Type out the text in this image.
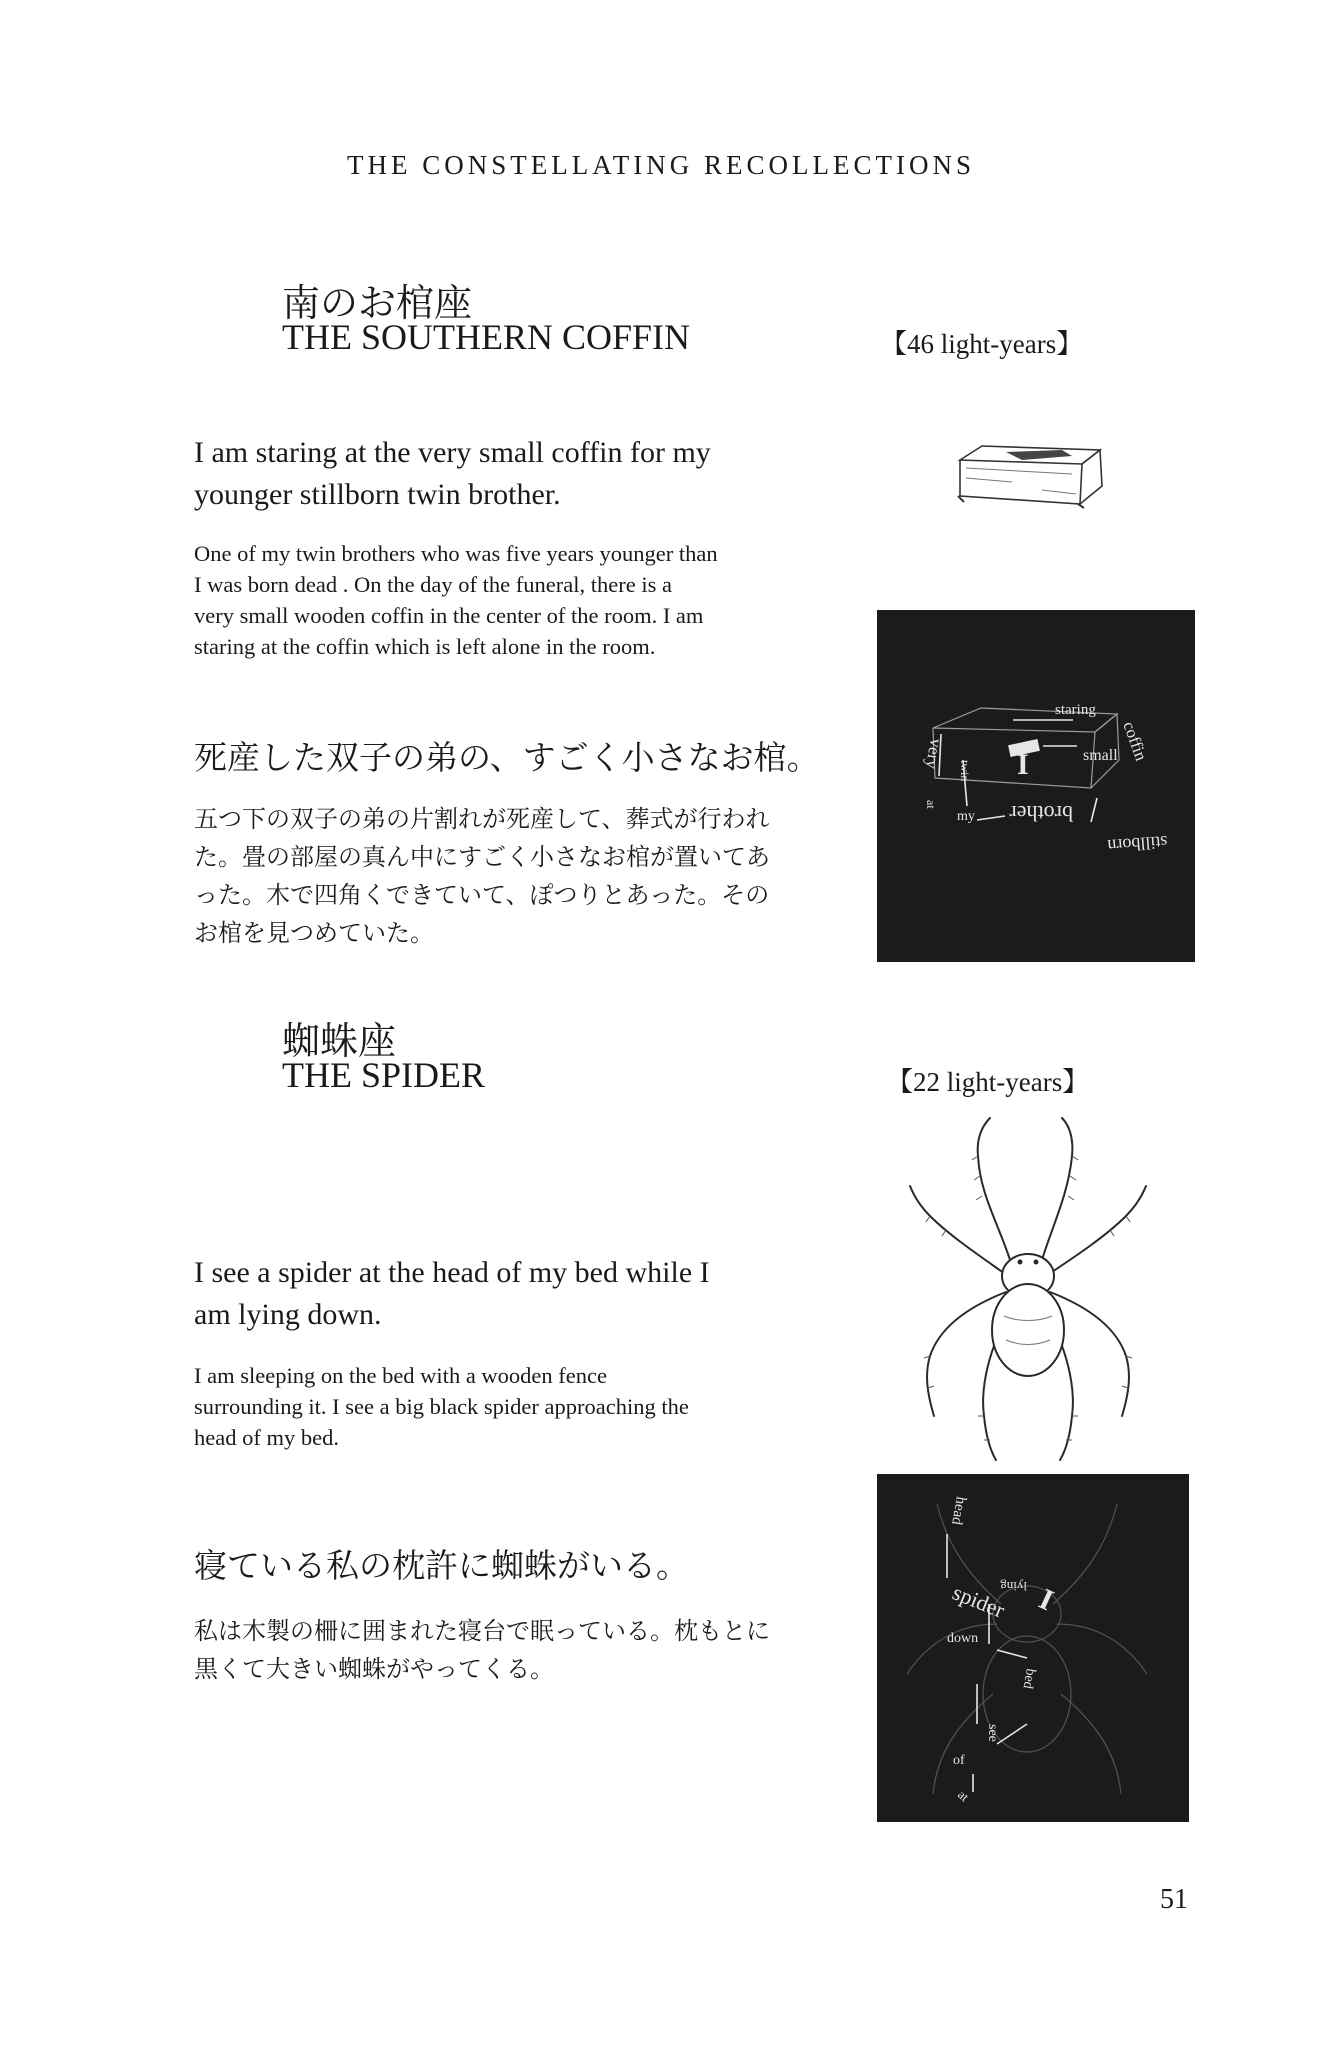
THE CONSTELLATING RECOLLECTIONS
南のお棺座
THE SOUTHERN COFFIN	【46 light-years】
I am staring at the very small coffin for my
younger stillborn twin brother.
One of my twin brothers who was five years younger than
I was born dead . On the day of the funeral, there is a
very small wooden coffin in the center of the room. I am
staring at the coffin which is left alone in the room.
死産した双子の弟の、すごく小さなお棺。
五つ下の双子の弟の片割れが死産して、葬式が行われ
た。畳の部屋の真ん中にすごく小さなお棺が置いてあ
った。木で四角くできていて、ぽつりとあった。その
お棺を見つめていた。
staring
coffin
very	small
twin
at
my
I
brother
stillborn
蜘蛛座
THE SPIDER	【22 light-years】
I see a spider at the head of my bed while I
am lying down.
I am sleeping on the bed with a wooden fence
surrounding it. I see a big black spider approaching the
head of my bed.
寝ている私の枕許に蜘蛛がいる。
私は木製の柵に囲まれた寝台で眠っている。枕もとに
黒くて大きい蜘蛛がやってくる。
head
spider
lying I
down
bed
see
of
at
51
